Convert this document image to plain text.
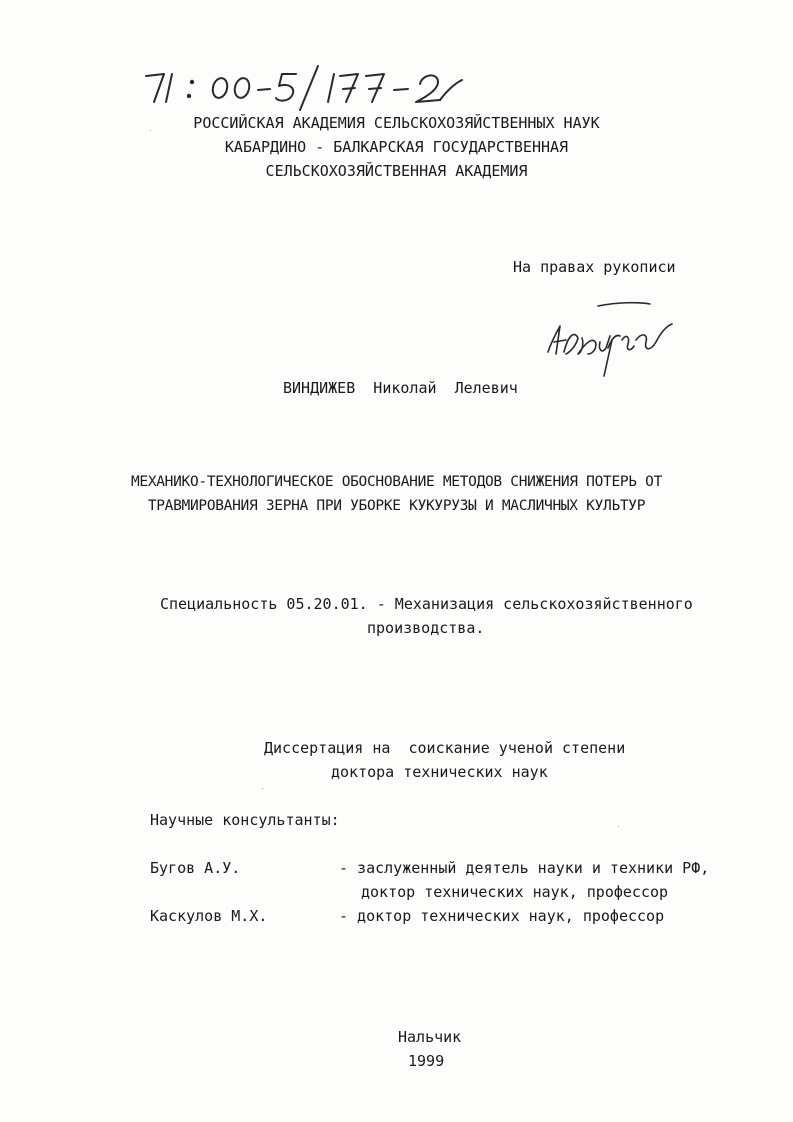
РОССИЙСКАЯ АКАДЕМИЯ СЕЛЬСКОХОЗЯЙСТВЕННЫХ НАУК
КАБАРДИНО - БАЛКАРСКАЯ ГОСУДАРСТВЕННАЯ
СЕЛЬСКОХОЗЯЙСТВЕННАЯ АКАДЕМИЯ
На правах рукописи
ВИНДИЖЕВ  Николай  Лелевич
МЕХАНИКО-ТЕХНОЛОГИЧЕСКОЕ ОБОСНОВАНИЕ МЕТОДОВ СНИЖЕНИЯ ПОТЕРЬ ОТ
ТРАВМИРОВАНИЯ ЗЕРНА ПРИ УБОРКЕ КУКУРУЗЫ И МАСЛИЧНЫХ КУЛЬТУР
Специальность 05.20.01. - Механизация сельскохозяйственного
производства.
Диссертация на  соискание ученой степени
доктора технических наук
Научные консультанты:
Бугов А.У.	- заслуженный деятель науки и техники РФ,
доктор технических наук, профессор
Каскулов М.Х.	- доктор технических наук, профессор
Нальчик
1999
